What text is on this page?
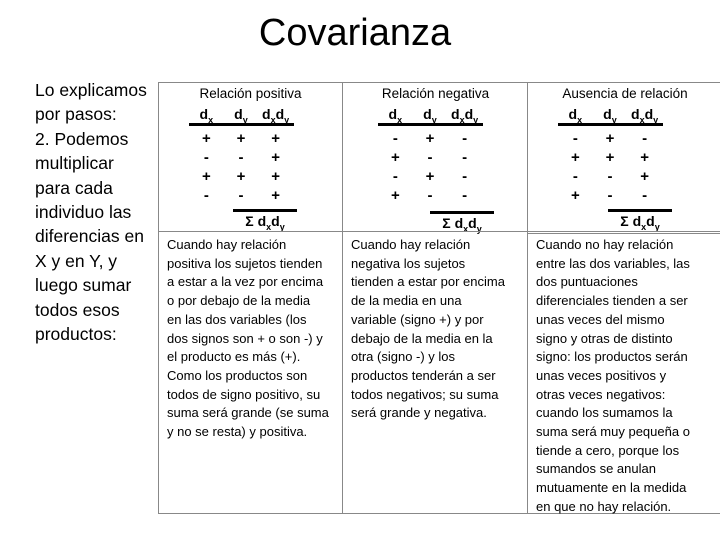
Covarianza

Lo explicamos

por pasos:

2. Podemos

multiplicar

para cada

individuo las

diferencias en

X y en Y, y

luego sumar

todos esos

productos:

Relación positiva
$d_x$	$d_y$	$d_xd_y$
+	+	+
-	-	+
+	+	+
-	-	+
Σ $d_xd_y$

Cuando hay relación

positiva los sujetos tienden

a estar a la vez por encima

o por debajo de la media

en las dos variables (los

dos signos son + o son -) y

el producto es más (+).

Como los productos son

todos de signo positivo, su

suma será grande (se suma

y no se resta) y positiva.

Relación negativa
$d_x$	$d_y$	$d_xd_y$
-	+	-
+	-	-
-	+	-
+	-	-
Σ $d_xd_y$

Cuando hay relación

negativa los sujetos

tienden a estar por encima

de la media en una

variable (signo +) y por

debajo de la media en la

otra (signo -) y los

productos tenderán a ser

todos negativos; su suma

será grande y negativa.

Ausencia de relación
$d_x$	$d_y$	$d_xd_y$
-	+	-
+	+	+
-	-	+
+	-	-
Σ $d_xd_y$

Cuando no hay relación

entre las dos variables, las

dos puntuaciones

diferenciales tienden a ser

unas veces del mismo

signo y otras de distinto

signo: los productos serán

unas veces positivos y

otras veces negativos:

cuando los sumamos la

suma será muy pequeña o

tiende a cero, porque los

sumandos se anulan

mutuamente en la medida

en que no hay relación.
